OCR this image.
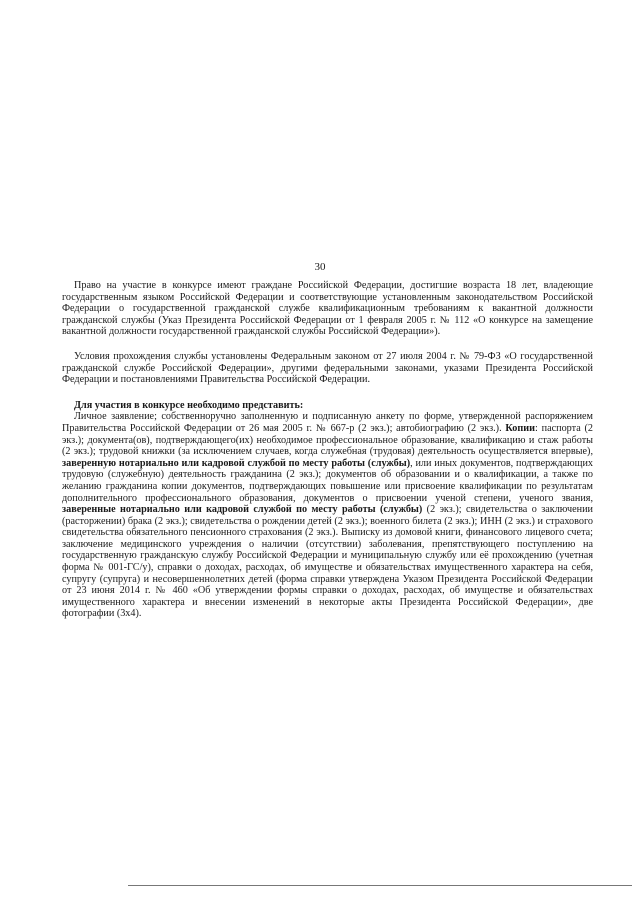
30

Право на участие в конкурсе имеют граждане Российской Федерации, достигшие возраста 18 лет, владеющие государственным языком Российской Федерации и соответствующие установленным законодательством Российской Федерации о государственной гражданской службе квалификационным требованиям к вакантной должности гражданской службы (Указ Президента Российской Федерации от 1 февраля 2005 г. № 112 «О конкурсе на замещение вакантной должности государственной гражданской службы Российской Федерации»).

Условия прохождения службы установлены Федеральным законом от 27 июля 2004 г. № 79-ФЗ «О государственной гражданской службе Российской Федерации», другими федеральными законами, указами Президента Российской Федерации и постановлениями Правительства Российской Федерации.

Для участия в конкурсе необходимо представить:

Личное заявление; собственноручно заполненную и подписанную анкету по форме, утвержденной распоряжением Правительства Российской Федерации от 26 мая 2005 г. № 667-р (2 экз.); автобиографию (2 экз.). Копии: паспорта (2 экз.); документа(ов), подтверждающего(их) необходимое профессиональное образование, квалификацию и стаж работы (2 экз.); трудовой книжки (за исключением случаев, когда служебная (трудовая) деятельность осуществляется впервые), заверенную нотариально или кадровой службой по месту работы (службы), или иных документов, подтверждающих трудовую (служебную) деятельность гражданина (2 экз.); документов об образовании и о квалификации, а также по желанию гражданина копии документов, подтверждающих повышение или присвоение квалификации по результатам дополнительного профессионального образования, документов о присвоении ученой степени, ученого звания, заверенные нотариально или кадровой службой по месту работы (службы) (2 экз.); свидетельства о заключении (расторжении) брака (2 экз.); свидетельства о рождении детей (2 экз.); военного билета (2 экз.); ИНН (2 экз.) и страхового свидетельства обязательного пенсионного страхования (2 экз.). Выписку из домовой книги, финансового лицевого счета; заключение медицинского учреждения о наличии (отсутствии) заболевания, препятствующего поступлению на государственную гражданскую службу Российской Федерации и муниципальную службу или её прохождению (учетная форма № 001-ГС/у), справки о доходах, расходах, об имуществе и обязательствах имущественного характера на себя, супругу (супруга) и несовершеннолетних детей (форма справки утверждена Указом Президента Российской Федерации от 23 июня 2014 г. № 460 «Об утверждении формы справки о доходах, расходах, об имуществе и обязательствах имущественного характера и внесении изменений в некоторые акты Президента Российской Федерации», две фотографии (3х4).
